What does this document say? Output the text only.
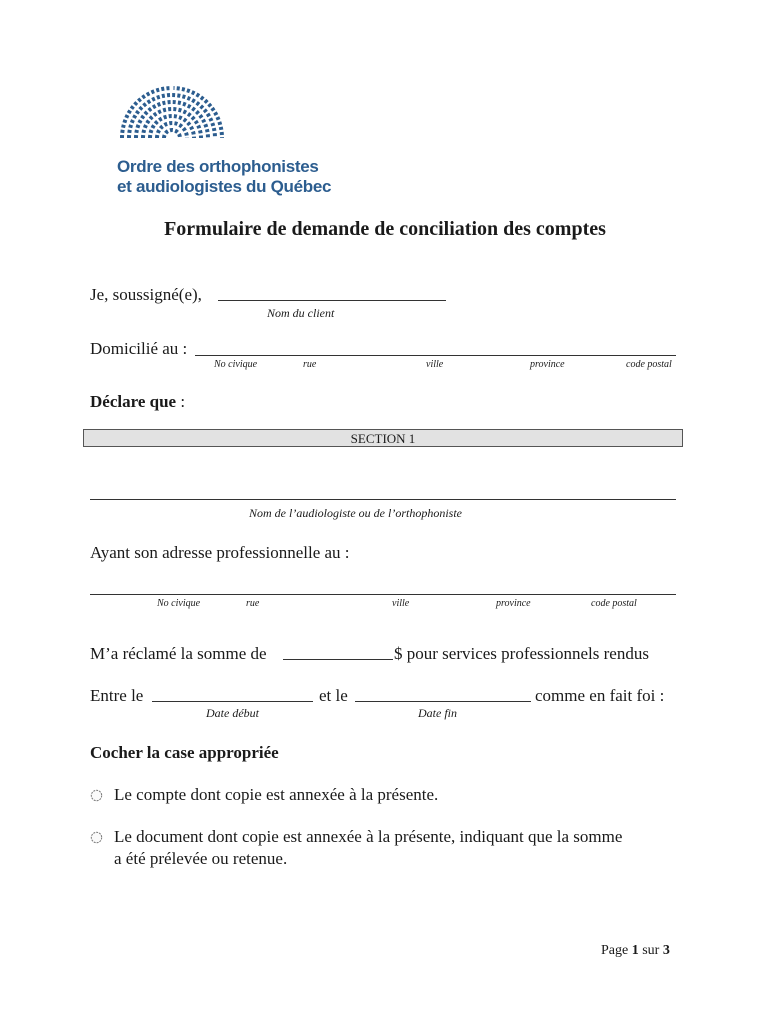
Ordre des orthophonistes
et audiologistes du Québec
Formulaire de demande de conciliation des comptes
Je, soussigné(e),
Nom du client
Domicilié au :
No civique	rue	ville	province	code postal
Déclare que :
SECTION 1
Nom de l’audiologiste ou de l’orthophoniste
Ayant son adresse professionnelle au :
No civique	rue	ville	province	code postal
M’a réclamé la somme de	$ pour services professionnels rendus
Entre le	et le	comme en fait foi :
Date début	Date fin
Cocher la case appropriée
Le compte dont copie est annexée à la présente.
Le document dont copie est annexée à la présente, indiquant que la somme
a été prélevée ou retenue.
Page 1 sur 3
